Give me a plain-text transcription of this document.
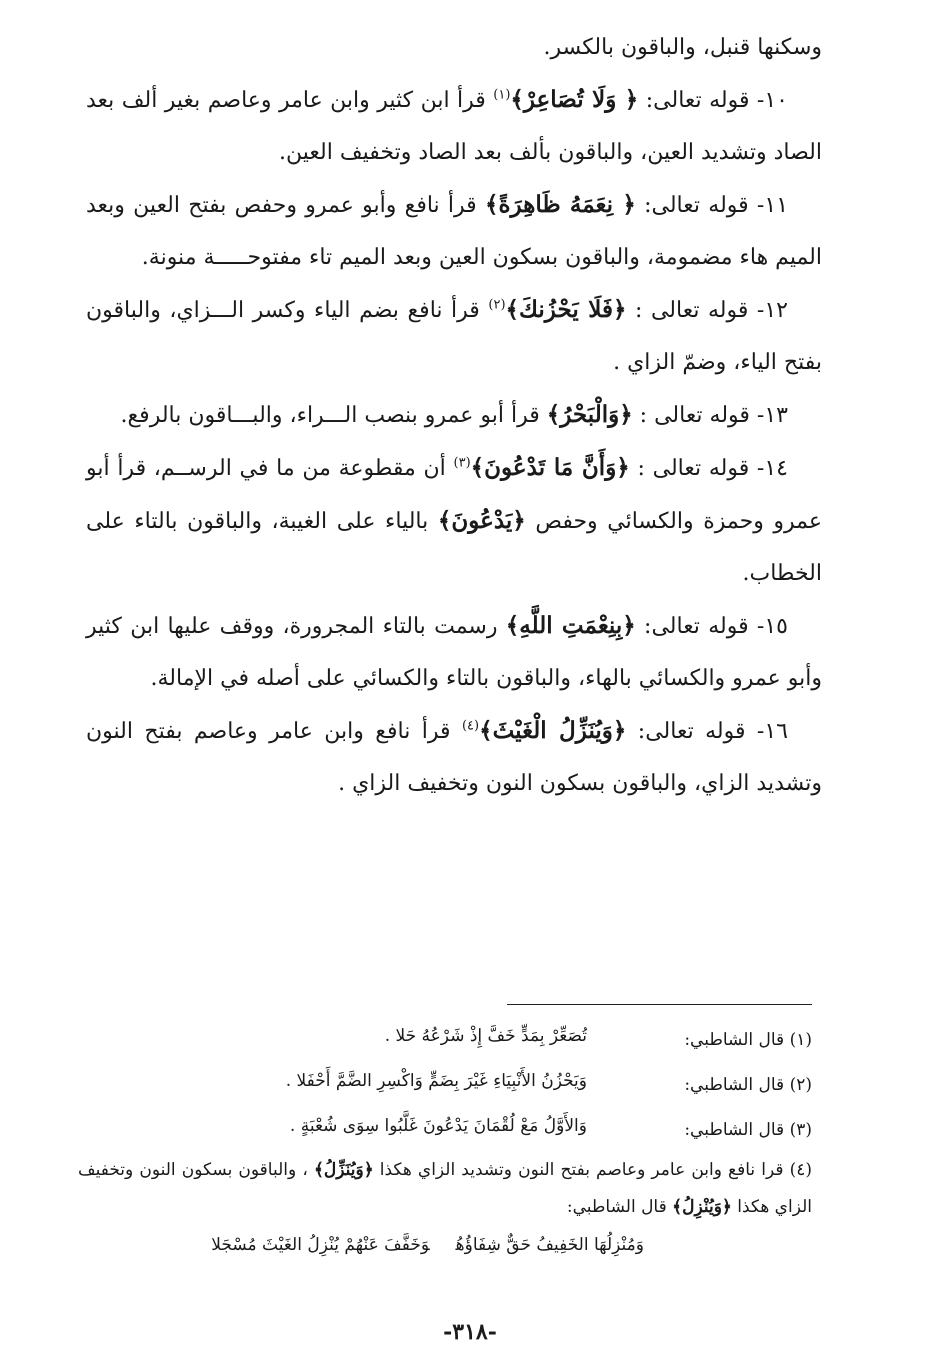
وسكنها قنبل، والباقون بالكسر.

١٠- قوله تعالى: ﴿ وَلَا تُصَاعِرْ﴾$^{(١)}$ قرأ ابن كثير وابن عامر وعاصم بغير ألف بعد الصاد وتشديد العين، والباقون بألف بعد الصاد وتخفيف العين.

١١- قوله تعالى: ﴿ نِعَمَهُ ظَاهِرَةً﴾ قرأ نافع وأبو عمرو وحفص بفتح العين وبعد الميم هاء مضمومة، والباقون بسكون العين وبعد الميم تاء مفتوحـــــة منونة.

١٢- قوله تعالى : ﴿فَلَا يَحْزُنكَ﴾$^{(٢)}$ قرأ نافع بضم الياء وكسر الـــزاي، والباقون بفتح الياء، وضمّ الزاي .

١٣- قوله تعالى : ﴿وَالْبَحْرُ﴾ قرأ أبو عمرو بنصب الـــراء، والبـــاقون بالرفع.

١٤- قوله تعالى : ﴿وَأَنَّ مَا تَدْعُونَ﴾$^{(٣)}$ أن مقطوعة من ما في الرســم، قرأ أبو عمرو وحمزة والكسائي وحفص ﴿يَدْعُونَ﴾ بالياء على الغيبة، والباقون بالتاء على الخطاب.

١٥- قوله تعالى: ﴿بِنِعْمَتِ اللَّهِ﴾ رسمت بالتاء المجرورة، ووقف عليها ابن كثير وأبو عمرو والكسائي بالهاء، والباقون بالتاء والكسائي على أصله في الإمالة.

١٦- قوله تعالى: ﴿وَيُنَزِّلُ الْغَيْثَ﴾$^{(٤)}$ قرأ نافع وابن عامر وعاصم بفتح النون وتشديد الزاي، والباقون بسكون النون وتخفيف الزاي .

(١) قال الشاطبي:
تُصَعِّرْ بِمَدٍّ خَفَّ إِذْ شَرْعُهُ حَلا .
(٢) قال الشاطبي:
وَيَحْزُنُ الأَنْبِيَاءِ غَيْرَ بِضَمٍّ وَاكْسِرِ الضَّمَّ أَحْفَلا .
(٣) قال الشاطبي:
وَالأَوَّلُ مَعْ لُقْمَانَ يَدْعُونَ غَلَّبُوا سِوَى شُعْبَةٍ .

(٤) قرا نافع وابن عامر وعاصم بفتح النون وتشديد الزاي هكذا ﴿وَيُنَزِّلُ﴾ ، والباقون بسكون النون وتخفيف الزاي هكذا ﴿وَيُنْزِلُ﴾ قال الشاطبي:

وَمُنْزِلُهَا الخَفِيفُ حَقٌّ شِفَاؤُهُوَخَفَّفَ عَنْهُمْ يُنْزِلُ الغَيْثَ مُسْجَلا
-٣١٨-
